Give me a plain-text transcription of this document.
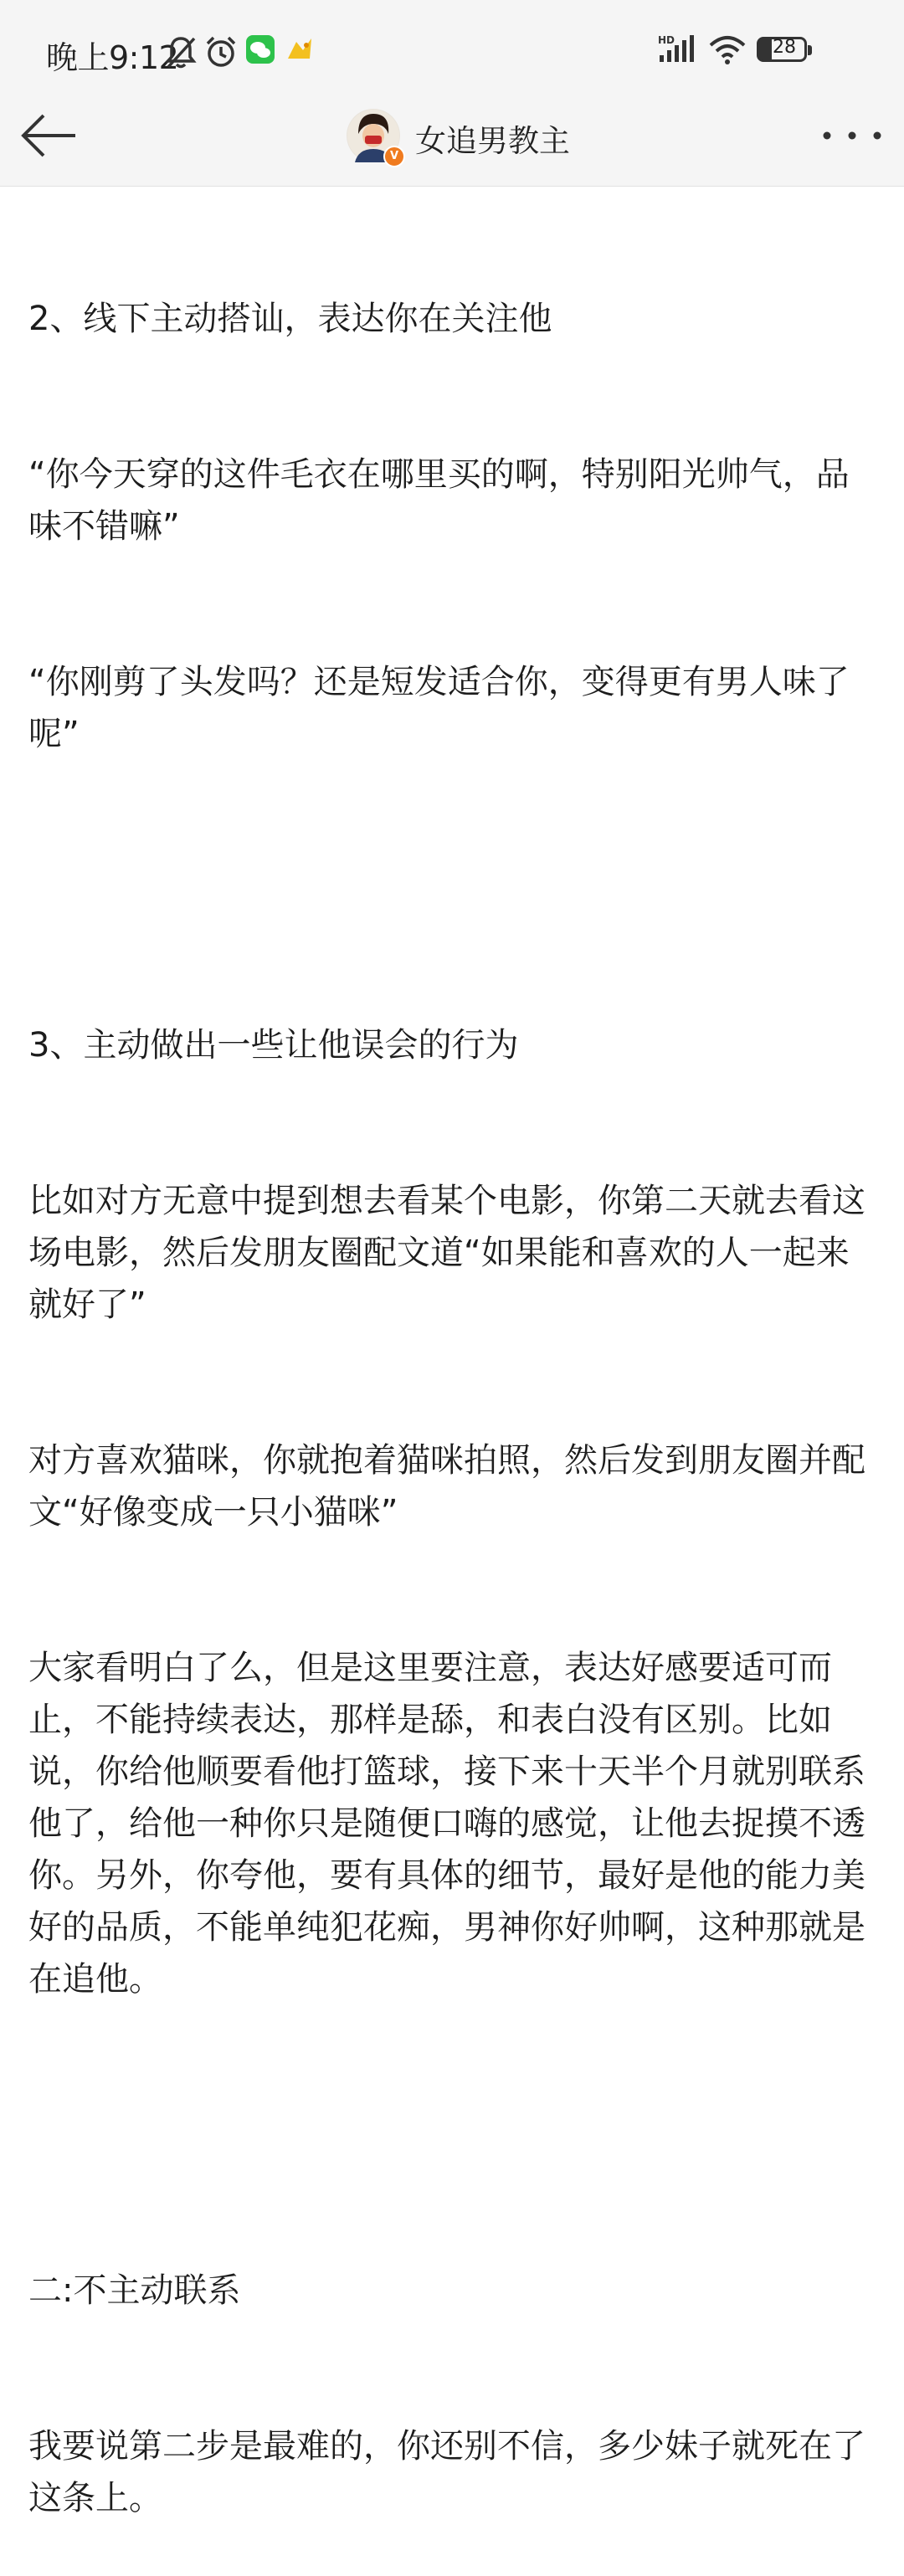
晚上9:12	HD	28
V 女追男教主

2、线下主动搭讪，表达你在关注他

“你今天穿的这件毛衣在哪里买的啊，特别阳光帅气，品味不错嘛”

“你刚剪了头发吗？还是短发适合你，变得更有男人味了呢”

3、主动做出一些让他误会的行为

比如对方无意中提到想去看某个电影，你第二天就去看这场电影，然后发朋友圈配文道“如果能和喜欢的人一起来就好了”

对方喜欢猫咪，你就抱着猫咪拍照，然后发到朋友圈并配文“好像变成一只小猫咪”

大家看明白了么，但是这里要注意，表达好感要适可而止，不能持续表达，那样是舔，和表白没有区别。比如说，你给他顺要看他打篮球，接下来十天半个月就别联系他了，给他一种你只是随便口嗨的感觉，让他去捉摸不透你。另外，你夸他，要有具体的细节，最好是他的能力美好的品质，不能单纯犯花痴，男神你好帅啊，这种那就是在追他。

二:不主动联系

我要说第二步是最难的，你还别不信，多少妹子就死在了这条上。
